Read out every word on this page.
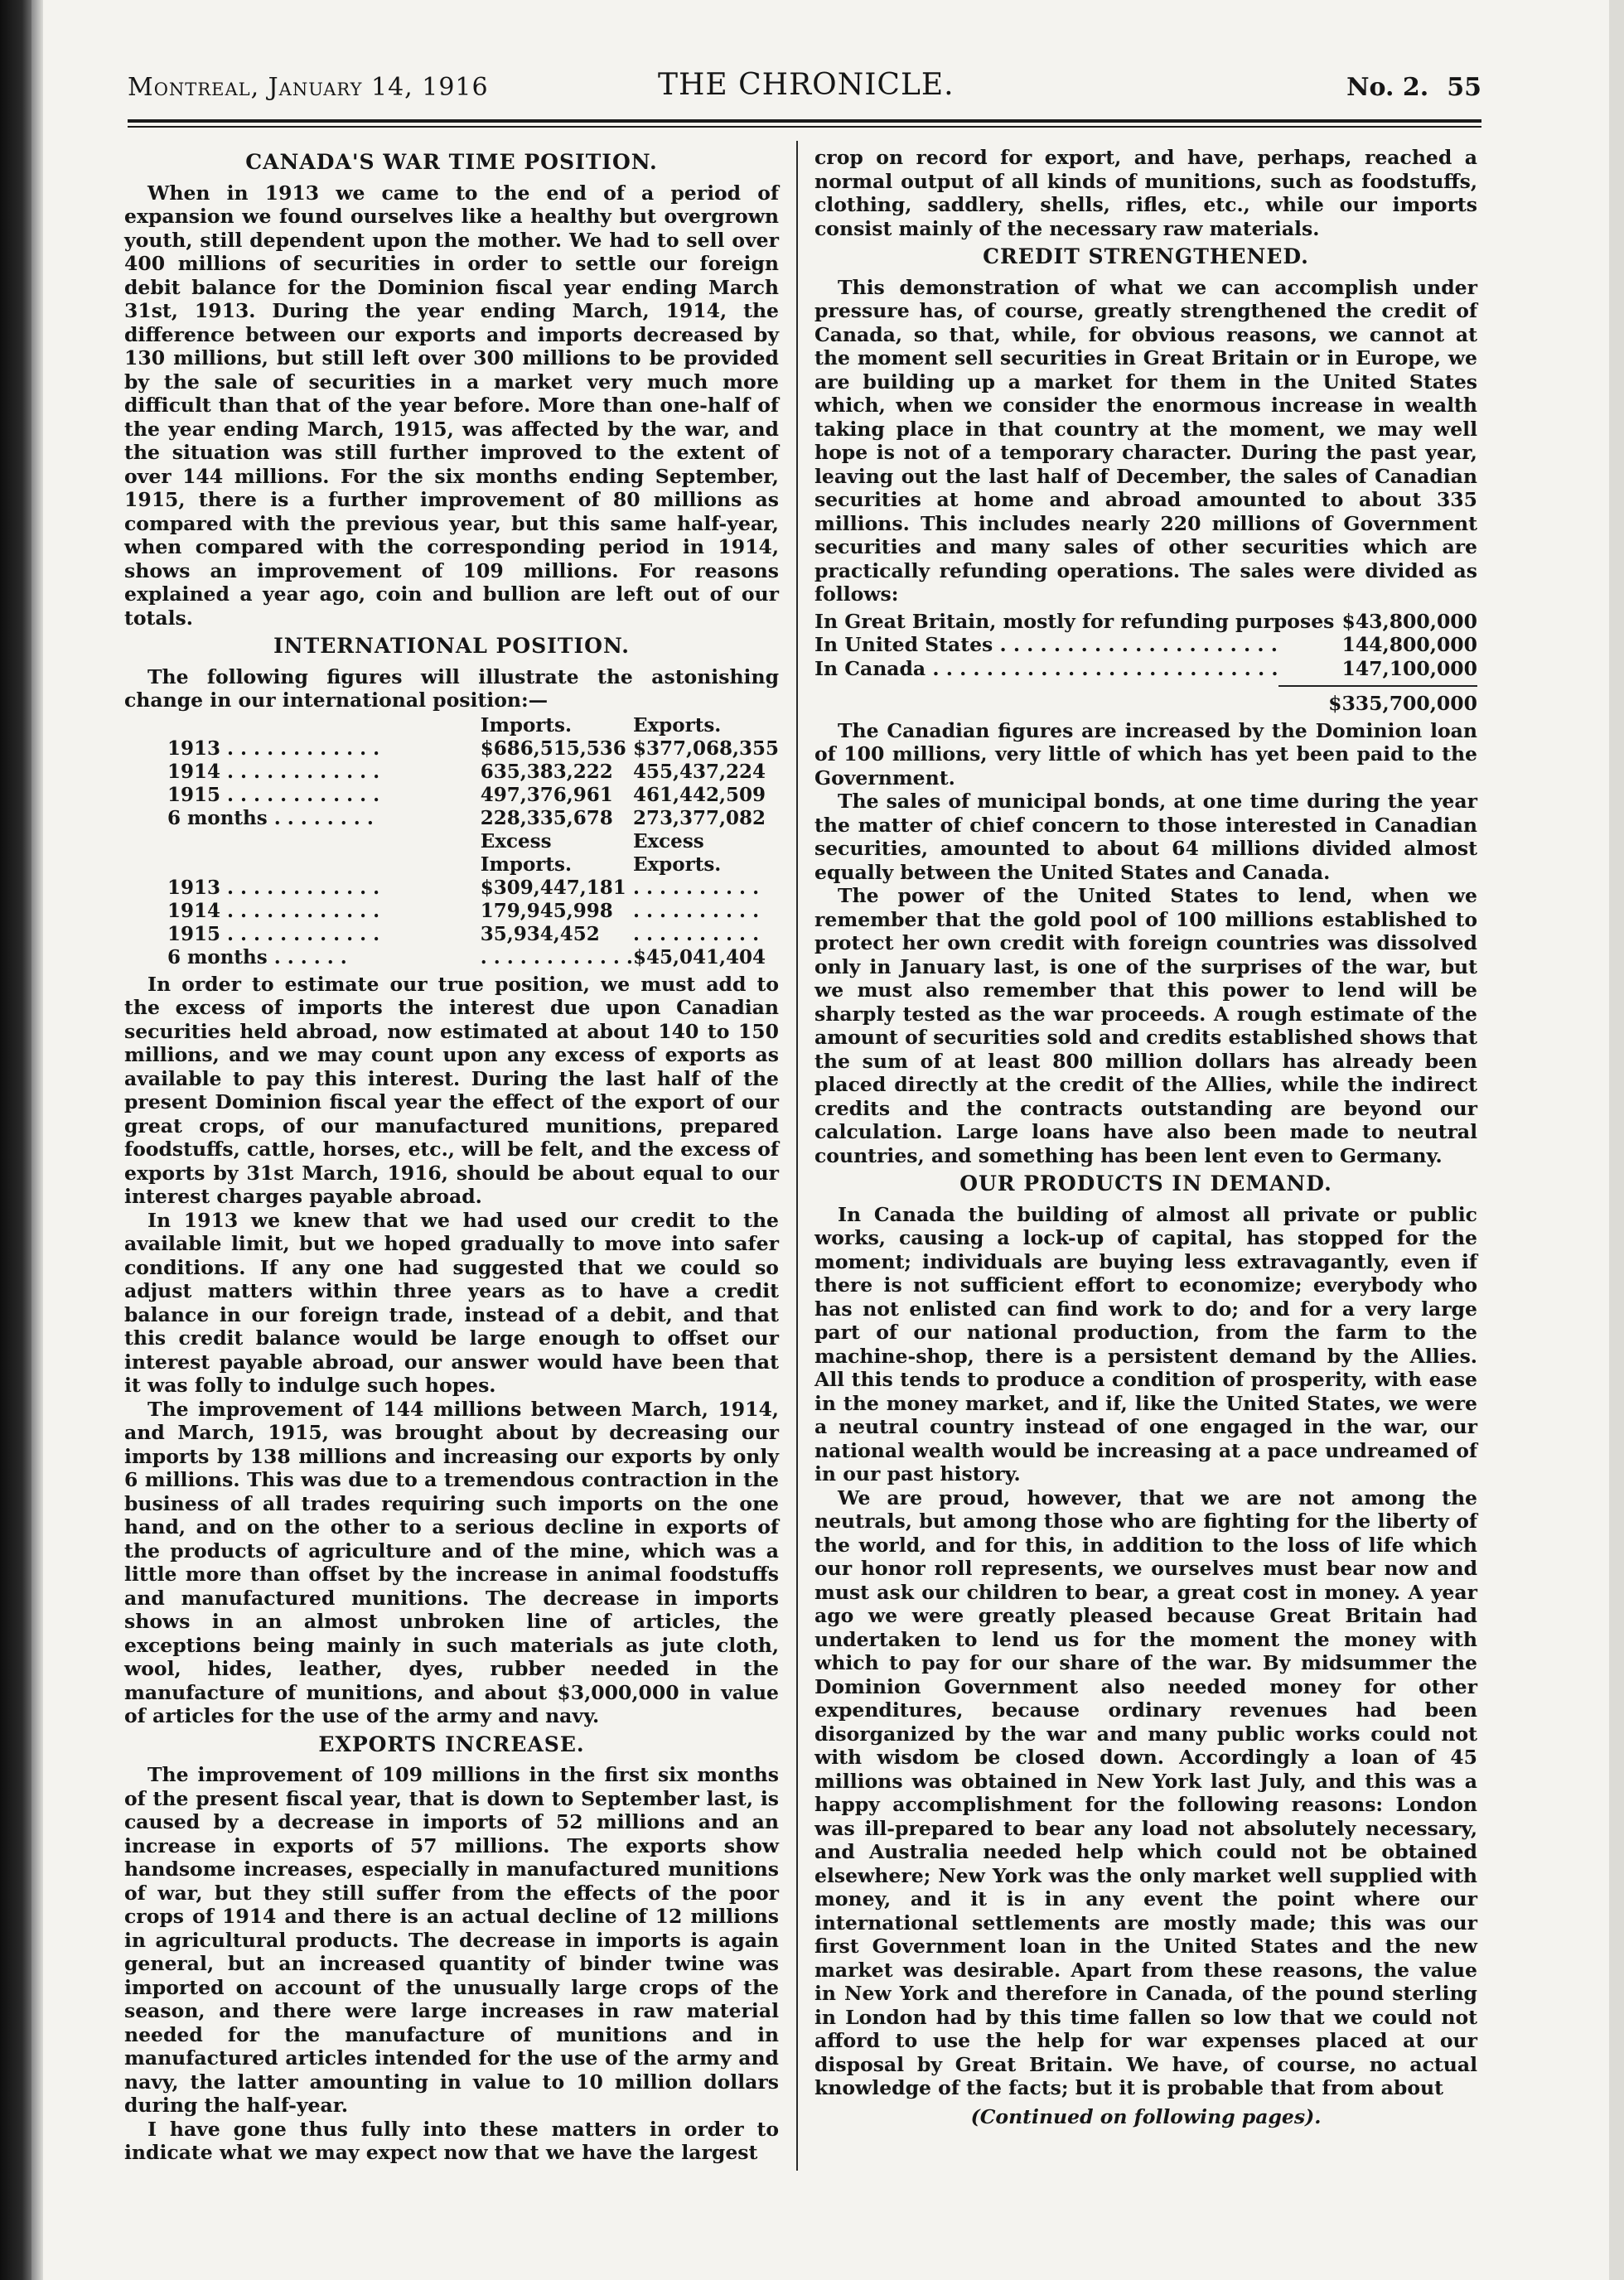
Montreal, January 14, 1916	THE CHRONICLE.	No. 2. 55
CANADA'S WAR TIME POSITION.

When in 1913 we came to the end of a period of expansion we found ourselves like a healthy but overgrown youth, still dependent upon the mother. We had to sell over 400 millions of securities in order to settle our foreign debit balance for the Dominion fiscal year ending March 31st, 1913. During the year ending March, 1914, the difference between our exports and imports decreased by 130 millions, but still left over 300 millions to be provided by the sale of securities in a market very much more difficult than that of the year before. More than one-half of the year ending March, 1915, was affected by the war, and the situation was still further improved to the extent of over 144 millions. For the six months ending September, 1915, there is a further improvement of 80 millions as compared with the previous year, but this same half-year, when compared with the corresponding period in 1914, shows an improvement of 109 millions. For reasons explained a year ago, coin and bullion are left out of our totals.

INTERNATIONAL POSITION.

The following figures will illustrate the astonishing change in our international position:—

	Imports.	Exports.
1913 . . . . . . . . . . . .	$686,515,536	$377,068,355
1914 . . . . . . . . . . . .	635,383,222	455,437,224
1915 . . . . . . . . . . . .	497,376,961	461,442,509
6 months . . . . . . . .	228,335,678	273,377,082
	Excess	Excess
	Imports.	Exports.
1913 . . . . . . . . . . . .	$309,447,181	. . . . . . . . . .
1914 . . . . . . . . . . . .	179,945,998	. . . . . . . . . .
1915 . . . . . . . . . . . .	35,934,452	. . . . . . . . . .
6 months . . . . . .	. . . . . . . . . . . .	$45,041,404

In order to estimate our true position, we must add to the excess of imports the interest due upon Canadian securities held abroad, now estimated at about 140 to 150 millions, and we may count upon any excess of exports as available to pay this interest. During the last half of the present Dominion fiscal year the effect of the export of our great crops, of our manufactured munitions, prepared foodstuffs, cattle, horses, etc., will be felt, and the excess of exports by 31st March, 1916, should be about equal to our interest charges payable abroad.

In 1913 we knew that we had used our credit to the available limit, but we hoped gradually to move into safer conditions. If any one had suggested that we could so adjust matters within three years as to have a credit balance in our foreign trade, instead of a debit, and that this credit balance would be large enough to offset our interest payable abroad, our answer would have been that it was folly to indulge such hopes.

The improvement of 144 millions between March, 1914, and March, 1915, was brought about by decreasing our imports by 138 millions and increasing our exports by only 6 millions. This was due to a tremendous contraction in the business of all trades requiring such imports on the one hand, and on the other to a serious decline in exports of the products of agriculture and of the mine, which was a little more than offset by the increase in animal foodstuffs and manufactured munitions. The decrease in imports shows in an almost unbroken line of articles, the exceptions being mainly in such materials as jute cloth, wool, hides, leather, dyes, rubber needed in the manufacture of munitions, and about $3,000,000 in value of articles for the use of the army and navy.

EXPORTS INCREASE.

The improvement of 109 millions in the first six months of the present fiscal year, that is down to September last, is caused by a decrease in imports of 52 millions and an increase in exports of 57 millions. The exports show handsome increases, especially in manufactured munitions of war, but they still suffer from the effects of the poor crops of 1914 and there is an actual decline of 12 millions in agricultural products. The decrease in imports is again general, but an increased quantity of binder twine was imported on account of the unusually large crops of the season, and there were large increases in raw material needed for the manufacture of munitions and in manufactured articles intended for the use of the army and navy, the latter amounting in value to 10 million dollars during the half-year.

I have gone thus fully into these matters in order to indicate what we may expect now that we have the largest

crop on record for export, and have, perhaps, reached a normal output of all kinds of munitions, such as foodstuffs, clothing, saddlery, shells, rifles, etc., while our imports consist mainly of the necessary raw materials.

CREDIT STRENGTHENED.

This demonstration of what we can accomplish under pressure has, of course, greatly strengthened the credit of Canada, so that, while, for obvious reasons, we cannot at the moment sell securities in Great Britain or in Europe, we are building up a market for them in the United States which, when we consider the enormous increase in wealth taking place in that country at the moment, we may well hope is not of a temporary character. During the past year, leaving out the last half of December, the sales of Canadian securities at home and abroad amounted to about 335 millions. This includes nearly 220 millions of Government securities and many sales of other securities which are practically refunding operations. The sales were divided as follows:

In Great Britain, mostly for refunding purposes $43,800,000
In United States . . . . . . . . . . . . . . . . . . . . .	144,800,000
In Canada . . . . . . . . . . . . . . . . . . . . . . . . . .	147,100,000
$335,700,000

The Canadian figures are increased by the Dominion loan of 100 millions, very little of which has yet been paid to the Government.

The sales of municipal bonds, at one time during the year the matter of chief concern to those interested in Canadian securities, amounted to about 64 millions divided almost equally between the United States and Canada.

The power of the United States to lend, when we remember that the gold pool of 100 millions established to protect her own credit with foreign countries was dissolved only in January last, is one of the surprises of the war, but we must also remember that this power to lend will be sharply tested as the war proceeds. A rough estimate of the amount of securities sold and credits established shows that the sum of at least 800 million dollars has already been placed directly at the credit of the Allies, while the indirect credits and the contracts outstanding are beyond our calculation. Large loans have also been made to neutral countries, and something has been lent even to Germany.

OUR PRODUCTS IN DEMAND.

In Canada the building of almost all private or public works, causing a lock-up of capital, has stopped for the moment; individuals are buying less extravagantly, even if there is not sufficient effort to economize; everybody who has not enlisted can find work to do; and for a very large part of our national production, from the farm to the machine-shop, there is a persistent demand by the Allies. All this tends to produce a condition of prosperity, with ease in the money market, and if, like the United States, we were a neutral country instead of one engaged in the war, our national wealth would be increasing at a pace undreamed of in our past history.

We are proud, however, that we are not among the neutrals, but among those who are fighting for the liberty of the world, and for this, in addition to the loss of life which our honor roll represents, we ourselves must bear now and must ask our children to bear, a great cost in money. A year ago we were greatly pleased because Great Britain had undertaken to lend us for the moment the money with which to pay for our share of the war. By midsummer the Dominion Government also needed money for other expenditures, because ordinary revenues had been disorganized by the war and many public works could not with wisdom be closed down. Accordingly a loan of 45 millions was obtained in New York last July, and this was a happy accomplishment for the following reasons: London was ill-prepared to bear any load not absolutely necessary, and Australia needed help which could not be obtained elsewhere; New York was the only market well supplied with money, and it is in any event the point where our international settlements are mostly made; this was our first Government loan in the United States and the new market was desirable. Apart from these reasons, the value in New York and therefore in Canada, of the pound sterling in London had by this time fallen so low that we could not afford to use the help for war expenses placed at our disposal by Great Britain. We have, of course, no actual knowledge of the facts; but it is probable that from about

(Continued on following pages).
